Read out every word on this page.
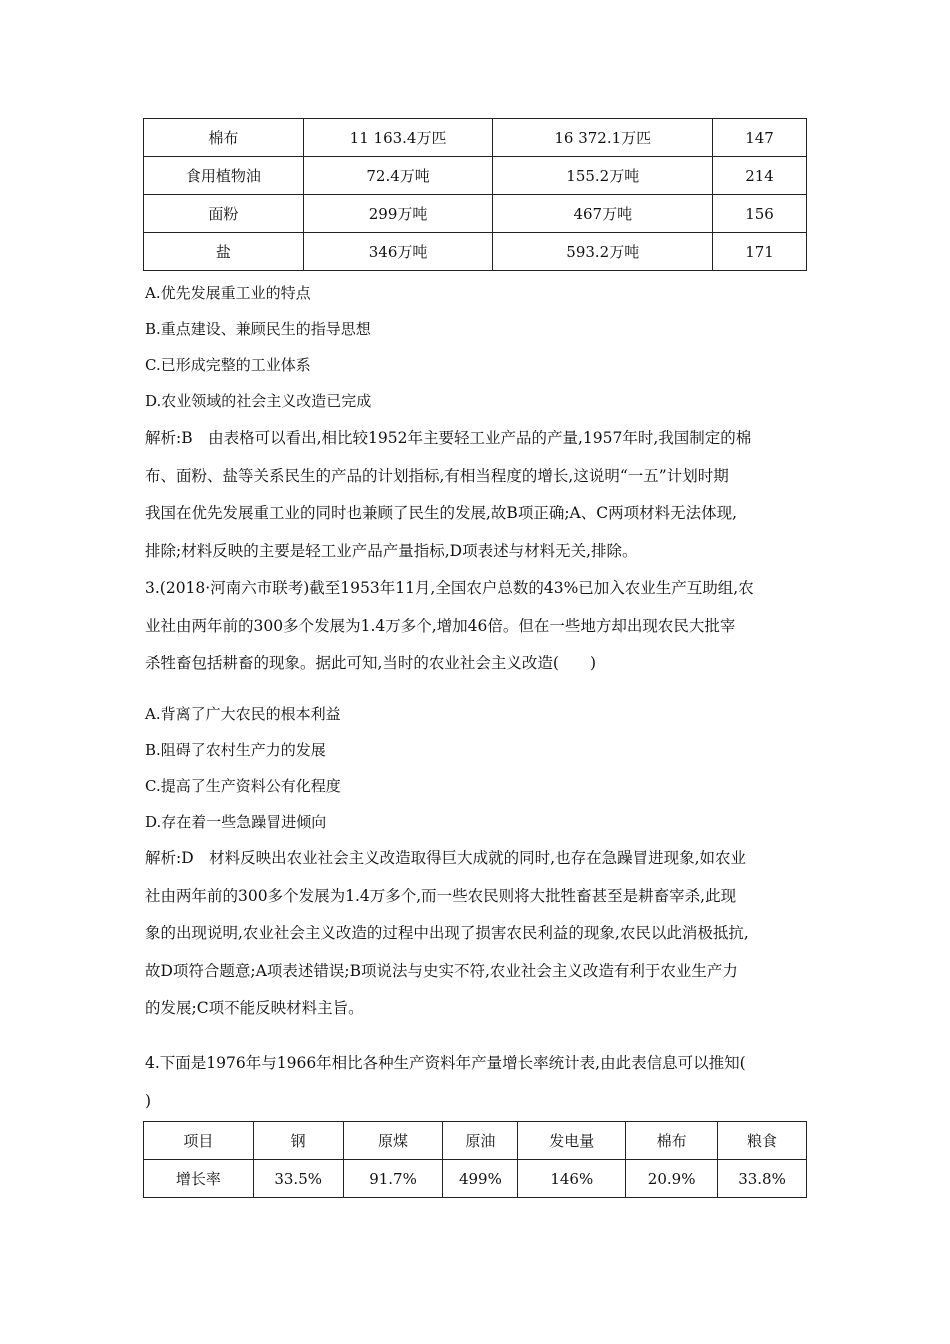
棉布	11 163.4万匹	16 372.1万匹	147
食用植物油	72.4万吨	155.2万吨	214
面粉	299万吨	467万吨	156
盐	346万吨	593.2万吨	171
A.优先发展重工业的特点
B.重点建设、兼顾民生的指导思想
C.已形成完整的工业体系
D.农业领域的社会主义改造已完成
解析:B　由表格可以看出,相比较1952年主要轻工业产品的产量,1957年时,我国制定的棉
布、面粉、盐等关系民生的产品的计划指标,有相当程度的增长,这说明“一五”计划时期
我国在优先发展重工业的同时也兼顾了民生的发展,故B项正确;A、C两项材料无法体现,
排除;材料反映的主要是轻工业产品产量指标,D项表述与材料无关,排除。
3.(2018·河南六市联考)截至1953年11月,全国农户总数的43%已加入农业生产互助组,农
业社由两年前的300多个发展为1.4万多个,增加46倍。但在一些地方却出现农民大批宰
杀牲畜包括耕畜的现象。据此可知,当时的农业社会主义改造(　　)
A.背离了广大农民的根本利益
B.阻碍了农村生产力的发展
C.提高了生产资料公有化程度
D.存在着一些急躁冒进倾向
解析:D　材料反映出农业社会主义改造取得巨大成就的同时,也存在急躁冒进现象,如农业
社由两年前的300多个发展为1.4万多个,而一些农民则将大批牲畜甚至是耕畜宰杀,此现
象的出现说明,农业社会主义改造的过程中出现了损害农民利益的现象,农民以此消极抵抗,
故D项符合题意;A项表述错误;B项说法与史实不符,农业社会主义改造有利于农业生产力
的发展;C项不能反映材料主旨。
4.下面是1976年与1966年相比各种生产资料年产量增长率统计表,由此表信息可以推知(
)
项目	钢	原煤	原油	发电量	棉布	粮食
增长率	33.5%	91.7%	499%	146%	20.9%	33.8%
